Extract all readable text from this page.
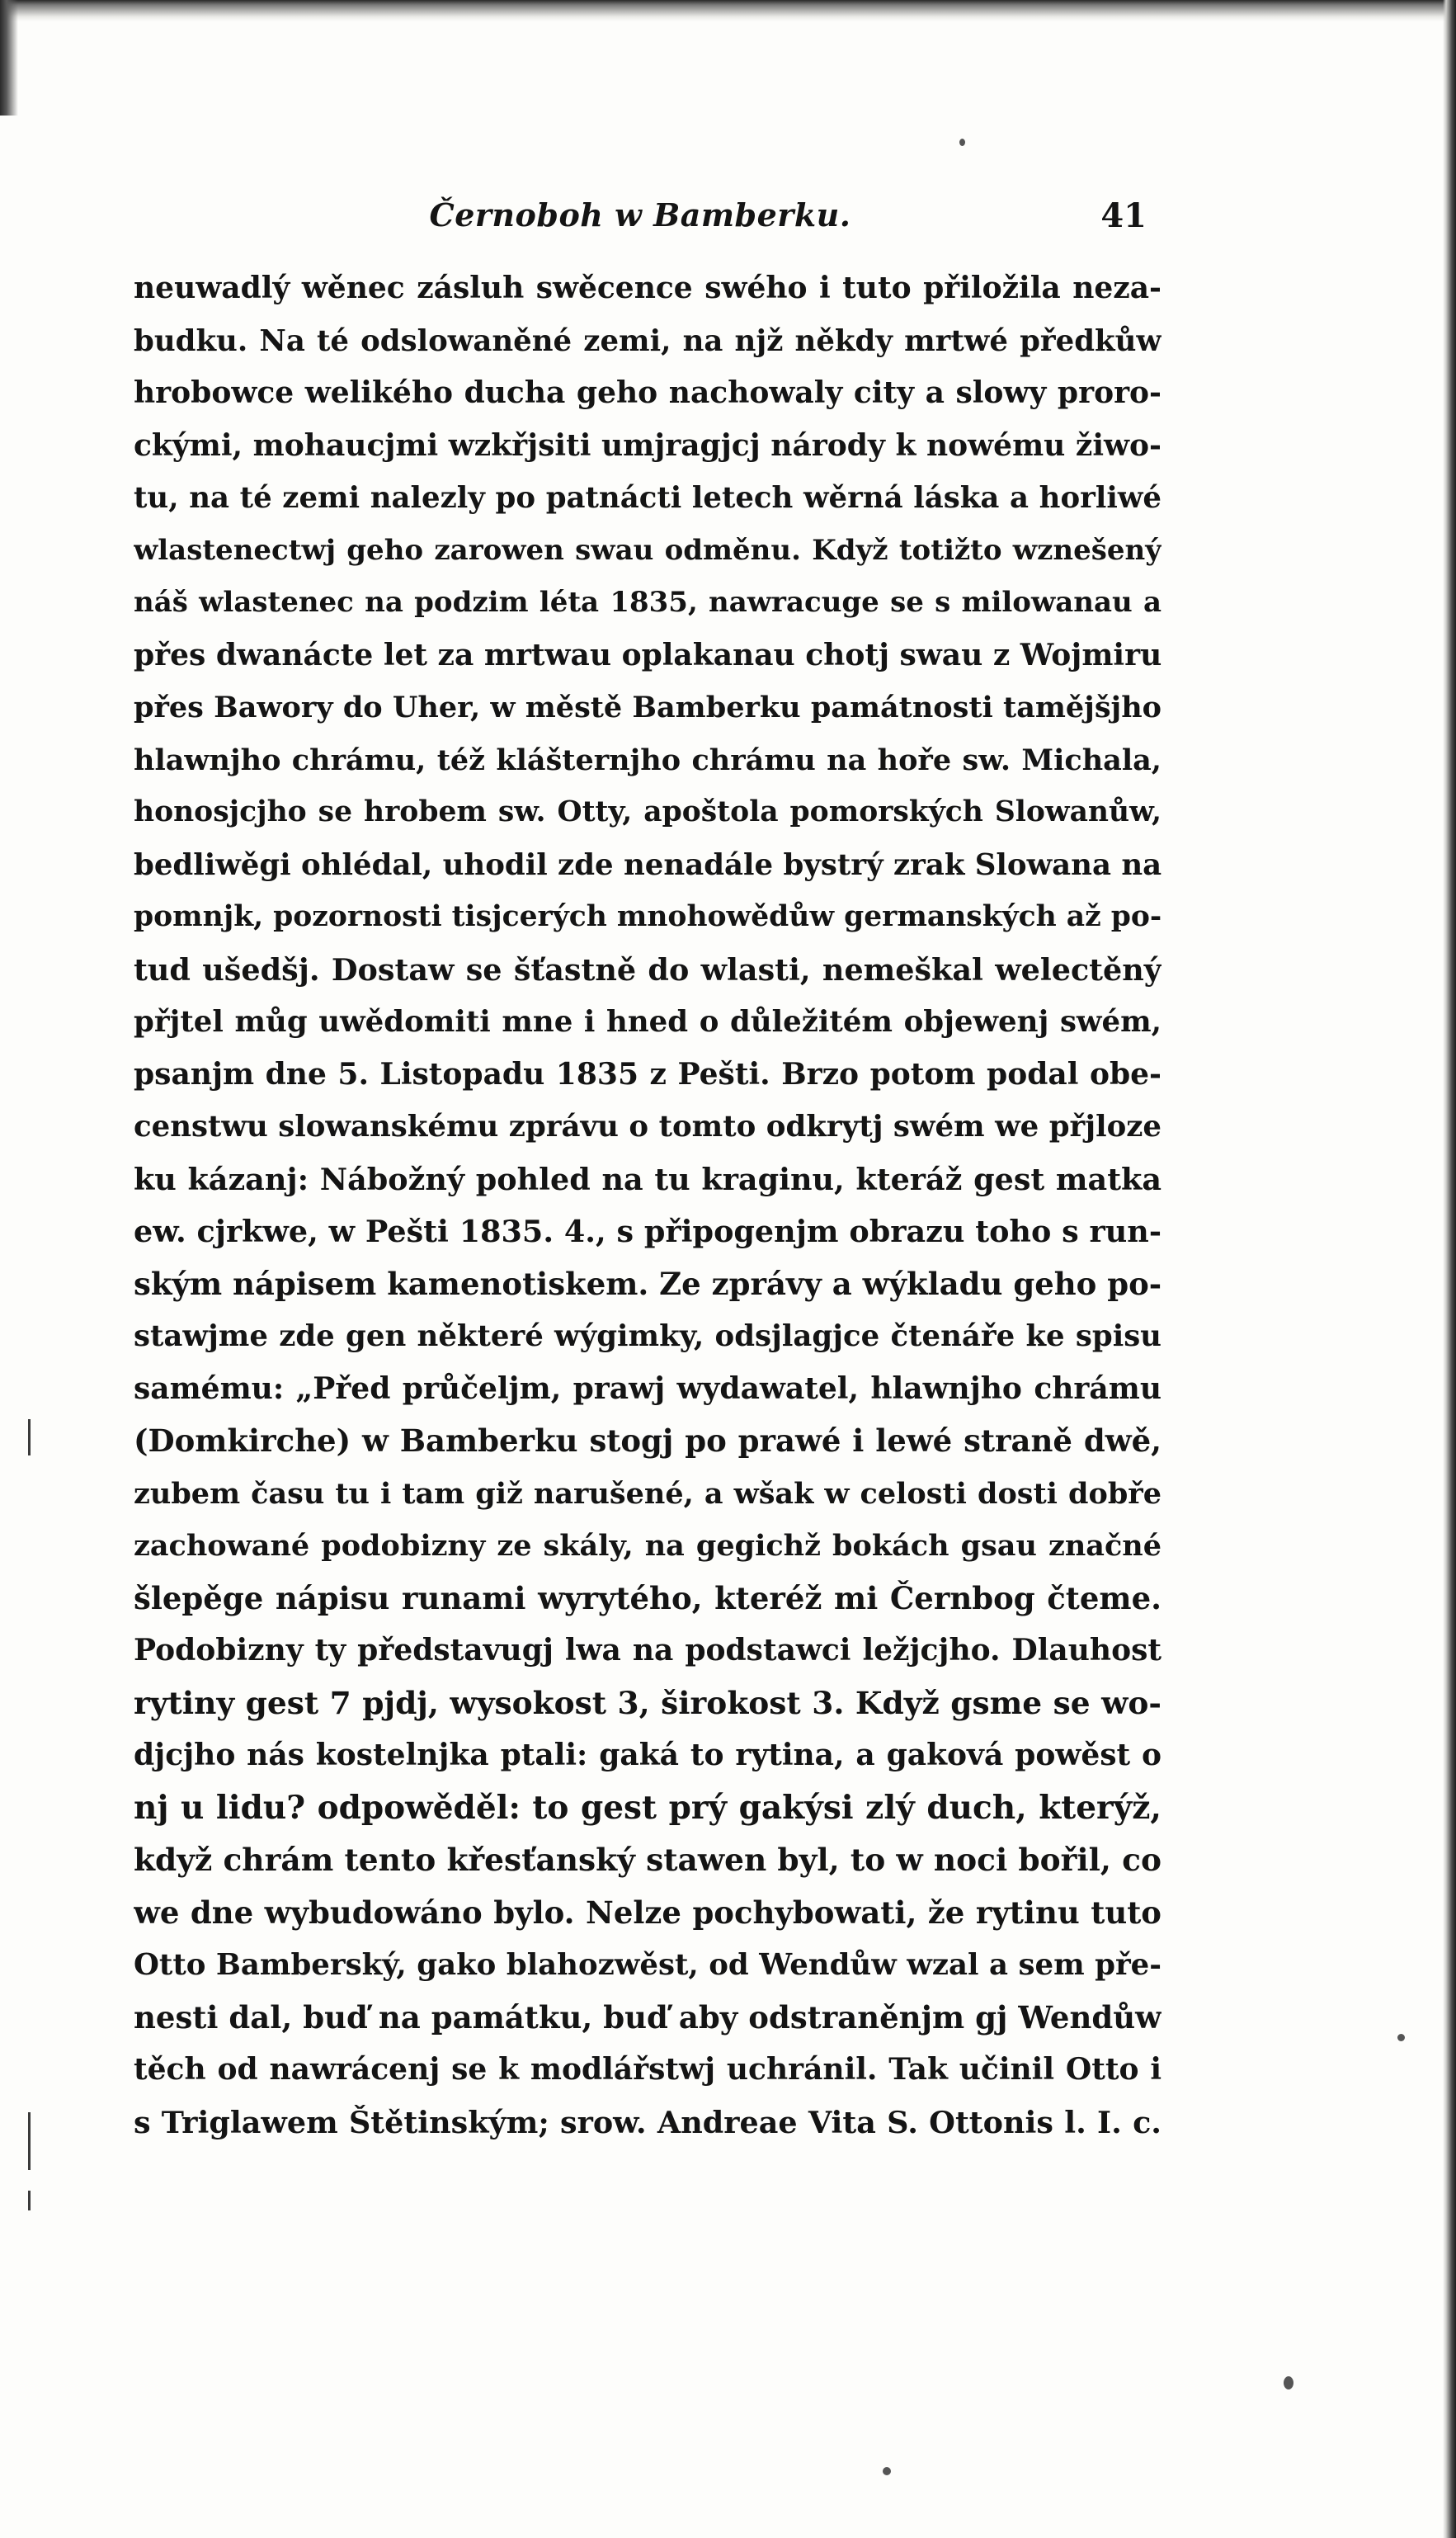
Černoboh w Bamberku.	41
neuwadlý wěnec zásluh swěcence swého i tuto přiložila neza-
budku. Na té odslowaněné zemi, na njž někdy mrtwé předkůw
hrobowce welikého ducha geho nachowaly city a slowy proro-
ckými, mohaucjmi wzkřjsiti umjragjcj národy k nowému žiwo-
tu, na té zemi nalezly po patnácti letech wěrná láska a horliwé
wlastenectwj geho zarowen swau odměnu. Když totižto wznešený
náš wlastenec na podzim léta 1835, nawracuge se s milowanau a
přes dwanácte let za mrtwau oplakanau chotj swau z Wojmiru
přes Bawory do Uher, w městě Bamberku památnosti tamějšjho
hlawnjho chrámu, též klášternjho chrámu na hoře sw. Michala,
honosjcjho se hrobem sw. Otty, apoštola pomorských Slowanůw,
bedliwěgi ohlédal, uhodil zde nenadále bystrý zrak Slowana na
pomnjk, pozornosti tisjcerých mnohowědůw germanských až po-
tud ušedšj. Dostaw se šťastně do wlasti, nemeškal welectěný
přjtel můg uwědomiti mne i hned o důležitém objewenj swém,
psanjm dne 5. Listopadu 1835 z Pešti. Brzo potom podal obe-
censtwu slowanskému zprávu o tomto odkrytj swém we přjloze
ku kázanj: Nábožný pohled na tu kraginu, kteráž gest matka
ew. cjrkwe, w Pešti 1835. 4., s připogenjm obrazu toho s run-
ským nápisem kamenotiskem. Ze zprávy a wýkladu geho po-
stawjme zde gen některé wýgimky, odsjlagjce čtenáře ke spisu
samému: „Před průčeljm, prawj wydawatel, hlawnjho chrámu
(Domkirche) w Bamberku stogj po prawé i lewé straně dwě,
zubem času tu i tam giž narušené, a wšak w celosti dosti dobře
zachowané podobizny ze skály, na gegichž bokách gsau značné
šlepěge nápisu runami wyrytého, kteréž mi Černbog čteme.
Podobizny ty představugj lwa na podstawci ležjcjho. Dlauhost
rytiny gest 7 pjdj, wysokost 3, širokost 3. Když gsme se wo-
djcjho nás kostelnjka ptali: gaká to rytina, a gaková powěst o
nj u lidu? odpowěděl: to gest prý gakýsi zlý duch, kterýž,
když chrám tento křesťanský stawen byl, to w noci bořil, co
we dne wybudowáno bylo. Nelze pochybowati, že rytinu tuto
Otto Bamberský, gako blahozwěst, od Wendůw wzal a sem pře-
nesti dal, buď na památku, buď aby odstraněnjm gj Wendůw
těch od nawrácenj se k modlářstwj uchránil. Tak učinil Otto i
s Triglawem Štětinským; srow. Andreae Vita S. Ottonis l. I. c.
